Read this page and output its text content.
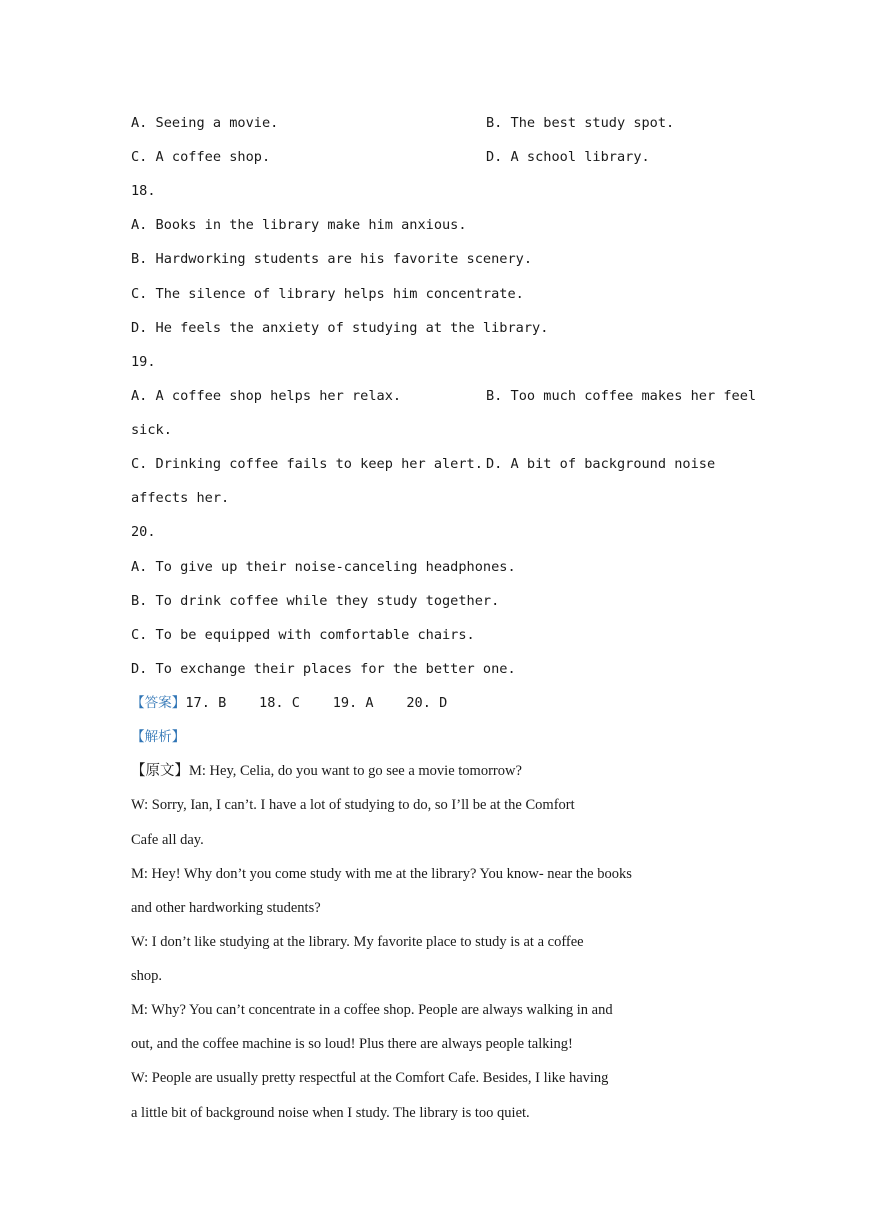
A. Seeing a movie.	B. The best study spot.
C. A coffee shop.	D. A school library.
18.
A. Books in the library make him anxious.
B. Hardworking students are his favorite scenery.
C. The silence of library helps him concentrate.
D. He feels the anxiety of studying at the library.
19.
A. A coffee shop helps her relax.	B. Too much coffee makes her feel
sick.
C. Drinking coffee fails to keep her alert. D. A bit of background noise
affects her.
20.
A. To give up their noise-canceling headphones.
B. To drink coffee while they study together.
C. To be equipped with comfortable chairs.
D. To exchange their places for the better one.
【答案】17. B    18. C    19. A    20. D
【解析】
【原文】M: Hey, Celia, do you want to go see a movie tomorrow?
W: Sorry, Ian, I can’t. I have a lot of studying to do, so I’ll be at the Comfort
Cafe all day.
M: Hey! Why don’t you come study with me at the library? You know- near the books
and other hardworking students?
W: I don’t like studying at the library. My favorite place to study is at a coffee
shop.
M: Why? You can’t concentrate in a coffee shop. People are always walking in and
out, and the coffee machine is so loud! Plus there are always people talking!
W: People are usually pretty respectful at the Comfort Cafe. Besides, I like having
a little bit of background noise when I study. The library is too quiet.
